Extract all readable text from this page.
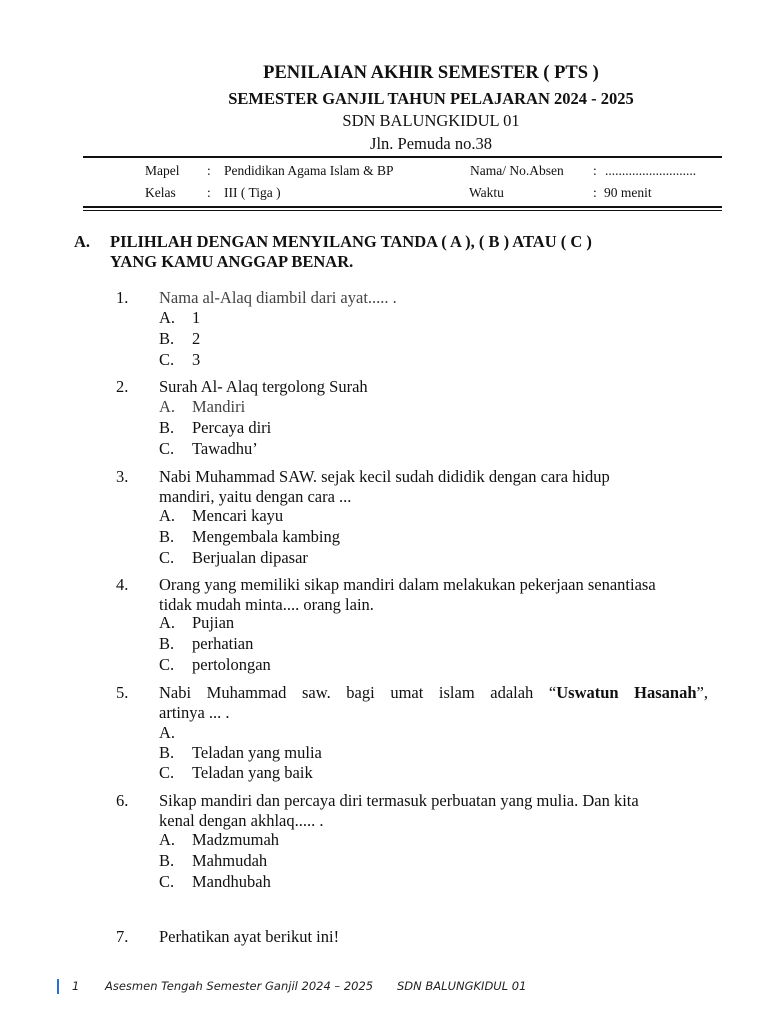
PENILAIAN AKHIR SEMESTER ( PTS )
SEMESTER GANJIL TAHUN PELAJARAN 2024 - 2025
SDN BALUNGKIDUL 01
Jln. Pemuda no.38
Mapel : Pendidikan Agama Islam & BP	Nama/ No.Absen : ...........................
Kelas : III ( Tiga )	Waktu	: 90 menit
A. PILIHLAH DENGAN MENYILANG TANDA ( A ), ( B ) ATAU ( C )
YANG KAMU ANGGAP BENAR.
1. Nama al-Alaq diambil dari ayat..... .
A. 1
B. 2
C. 3
2. Surah Al- Alaq tergolong Surah
A. Mandiri
B. Percaya diri
C. Tawadhu’
3. Nabi Muhammad SAW. sejak kecil sudah dididik dengan cara hidup
mandiri, yaitu dengan cara ...
A. Mencari kayu
B. Mengembala kambing
C. Berjualan dipasar
4. Orang yang memiliki sikap mandiri dalam melakukan pekerjaan senantiasa
tidak mudah minta.... orang lain.
A. Pujian
B. perhatian
C. pertolongan
5. Nabi Muhammad saw. bagi umat islam adalah “Uswatun Hasanah”,
artinya ... .
A.
B. Teladan yang mulia
C. Teladan yang baik
6. Sikap mandiri dan percaya diri termasuk perbuatan yang mulia. Dan kita
kenal dengan akhlaq..... .
A. Madzmumah
B. Mahmudah
C. Mandhubah
7. Perhatikan ayat berikut ini!
1 Asesmen Tengah Semester Ganjil 2024 – 2025 SDN BALUNGKIDUL 01
